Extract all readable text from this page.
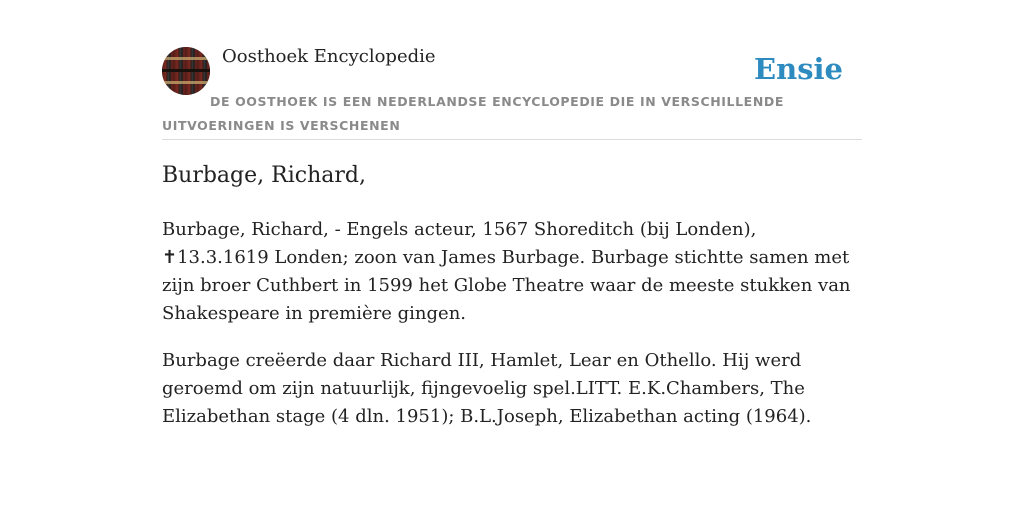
Oosthoek Encyclopedie	Ensie
DE OOSTHOEK IS EEN NEDERLANDSE ENCYCLOPEDIE DIE IN VERSCHILLENDE UITVOERINGEN IS VERSCHENEN
Burbage, Richard,

Burbage, Richard, - Engels acteur, 1567 Shoreditch (bij Londen), ✝13.3.1619 Londen; zoon van James Burbage. Burbage stichtte samen met zijn broer Cuthbert in 1599 het Globe Theatre waar de meeste stukken van Shakespeare in première gingen.

Burbage creëerde daar Richard III, Hamlet, Lear en Othello. Hij werd geroemd om zijn natuurlijk, fijngevoelig spel.LITT. E.K.Chambers, The Elizabethan stage (4 dln. 1951); B.L.Joseph, Elizabethan acting (1964).
